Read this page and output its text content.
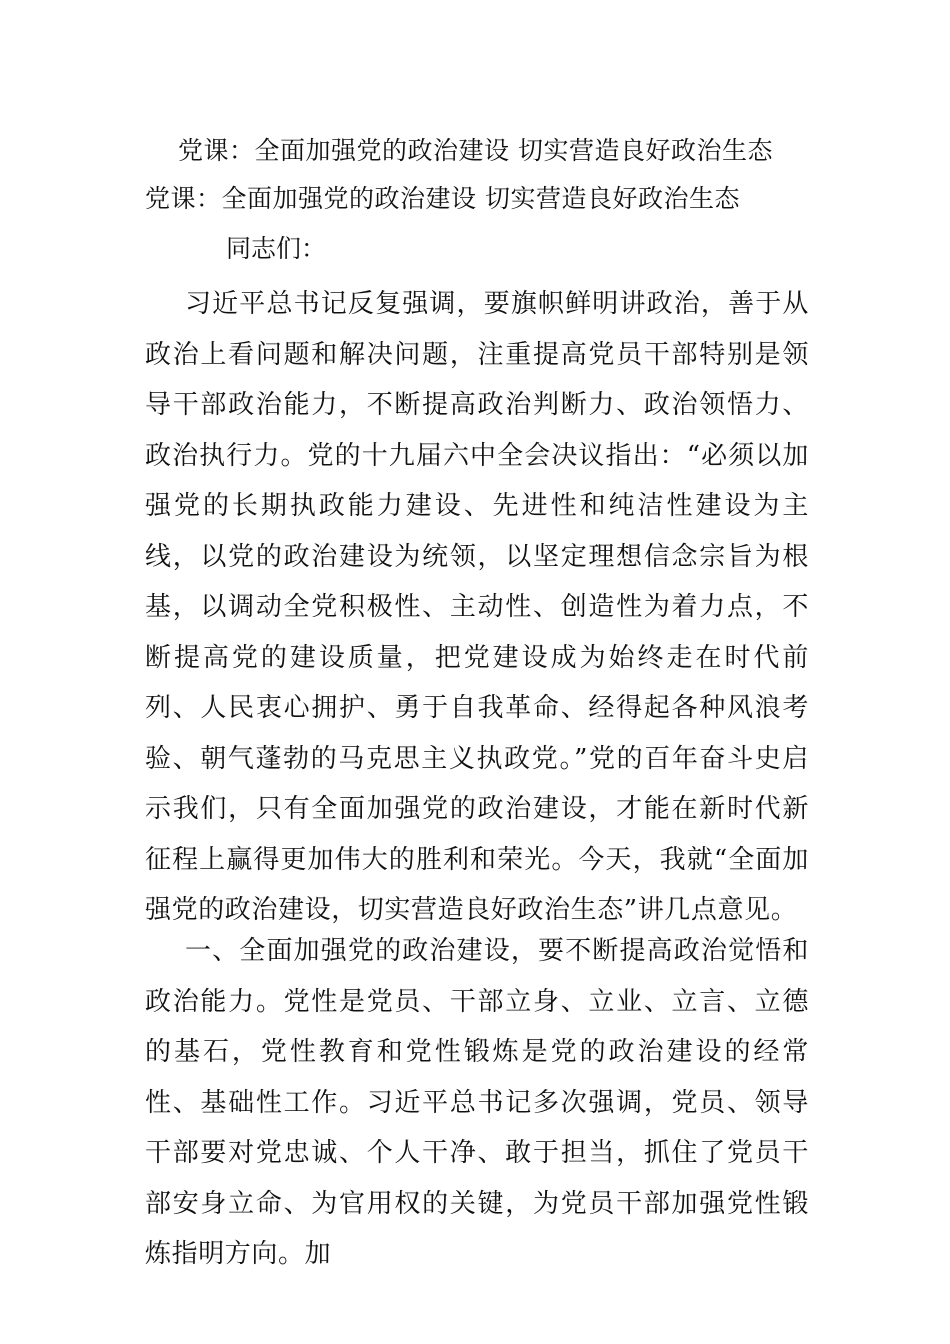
党课：全面加强党的政治建设 切实营造良好政治生态
党课：全面加强党的政治建设 切实营造良好政治生态
同志们：

习近平总书记反复强调，要旗帜鲜明讲政治，善于从政治上看问题和解决问题，注重提高党员干部特别是领导干部政治能力，不断提高政治判断力、政治领悟力、政治执行力。党的十九届六中全会决议指出：“必须以加强党的长期执政能力建设、先进性和纯洁性建设为主线，以党的政治建设为统领，以坚定理想信念宗旨为根基，以调动全党积极性、主动性、创造性为着力点，不断提高党的建设质量，把党建设成为始终走在时代前列、人民衷心拥护、勇于自我革命、经得起各种风浪考验、朝气蓬勃的马克思主义执政党。”党的百年奋斗史启示我们，只有全面加强党的政治建设，才能在新时代新征程上赢得更加伟大的胜利和荣光。今天，我就“全面加强党的政治建设，切实营造良好政治生态”讲几点意见。

一、全面加强党的政治建设，要不断提高政治觉悟和政治能力。党性是党员、干部立身、立业、立言、立德的基石，党性教育和党性锻炼是党的政治建设的经常性、基础性工作。习近平总书记多次强调，党员、领导干部要对党忠诚、个人干净、敢于担当，抓住了党员干部安身立命、为官用权的关键，为党员干部加强党性锻炼指明方向。加
